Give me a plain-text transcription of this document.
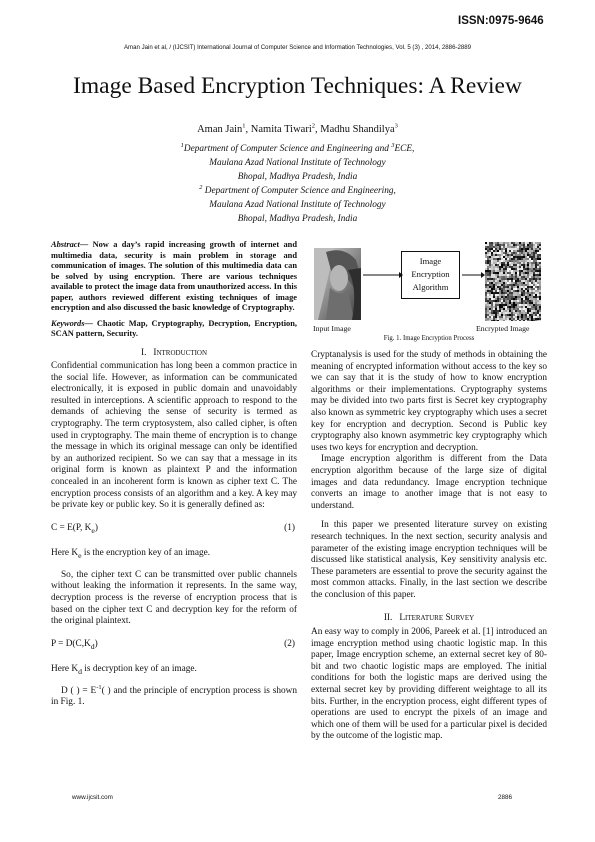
ISSN:0975-9646
Aman Jain et al, / (IJCSIT) International Journal of Computer Science and Information Technologies, Vol. 5 (3) , 2014, 2886-2889
Image Based Encryption Techniques: A Review
Aman Jain$^1$, Namita Tiwari$^2$, Madhu Shandilya$^3$
$^1$Department of Computer Science and Engineering and $^3$ECE,
Maulana Azad National Institute of Technology
Bhopal, Madhya Pradesh, India
$^2$ Department of Computer Science and Engineering,
Maulana Azad National Institute of Technology
Bhopal, Madhya Pradesh, India

Abstract— Now a day’s rapid increasing growth of internet and multimedia data, security is main problem in storage and communication of images. The solution of this multimedia data can be solved by using encryption. There are various techniques available to protect the image data from unauthorized access. In this paper, authors reviewed different existing techniques of image encryption and also discussed the basic knowledge of Cryptography.

Keywords— Chaotic Map, Cryptography, Decryption, Encryption, SCAN pattern, Security.

I. Introduction

Confidential communication has long been a common practice in the social life. However, as information can be communicated electronically, it is exposed in public domain and unavoidably resulted in interceptions. A scientific approach to respond to the demands of achieving the sense of security is termed as cryptography. The term cryptosystem, also called cipher, is often used in cryptography. The main theme of encryption is to change the message in which its original message can only be identified by an authorized recipient. So we can say that a message in its original form is known as plaintext P and the information concealed in an incoherent form is known as cipher text C. The encryption process consists of an algorithm and a key. A key may be private key or public key. So it is generally defined as:

C = E(P, $K_e$)	(1)

Here $K_e$ is the encryption key of an image.

So, the cipher text C can be transmitted over public channels without leaking the information it represents. In the same way, decryption process is the reverse of encryption process that is based on the cipher text C and decryption key for the reform of the original plaintext.

$P = D(C,K_d)$	(2)

Here $K_d$ is decryption key of an image.

D ( ) = $E^{-1}$( ) and the principle of encryption process is shown in Fig. 1.

Image
Encryption
Algorithm
Input Image	Encrypted Image
Fig. 1. Image Encryption Process

Cryptanalysis is used for the study of methods in obtaining the meaning of encrypted information without access to the key so we can say that it is the study of how to know encryption algorithms or their implementations. Cryptography systems may be divided into two parts first is Secret key cryptography also known as symmetric key cryptography which uses a secret key for encryption and decryption. Second is Public key cryptography also known asymmetric key cryptography which uses two keys for encryption and decryption.

Image encryption algorithm is different from the Data encryption algorithm because of the large size of digital images and data redundancy. Image encryption technique converts an image to another image that is not easy to understand.

In this paper we presented literature survey on existing research techniques. In the next section, security analysis and parameter of the existing image encryption techniques will be discussed like statistical analysis, Key sensitivity analysis etc. These parameters are essential to prove the security against the most common attacks. Finally, in the last section we describe the conclusion of this paper.

II. Literature Survey

An easy way to comply in 2006, Pareek et al. [1] introduced an image encryption method using chaotic logistic map. In this paper, Image encryption scheme, an external secret key of 80-bit and two chaotic logistic maps are employed. The initial conditions for both the logistic maps are derived using the external secret key by providing different weightage to all its bits. Further, in the encryption process, eight different types of operations are used to encrypt the pixels of an image and which one of them will be used for a particular pixel is decided by the outcome of the logistic map.

www.ijcsit.com	2886
